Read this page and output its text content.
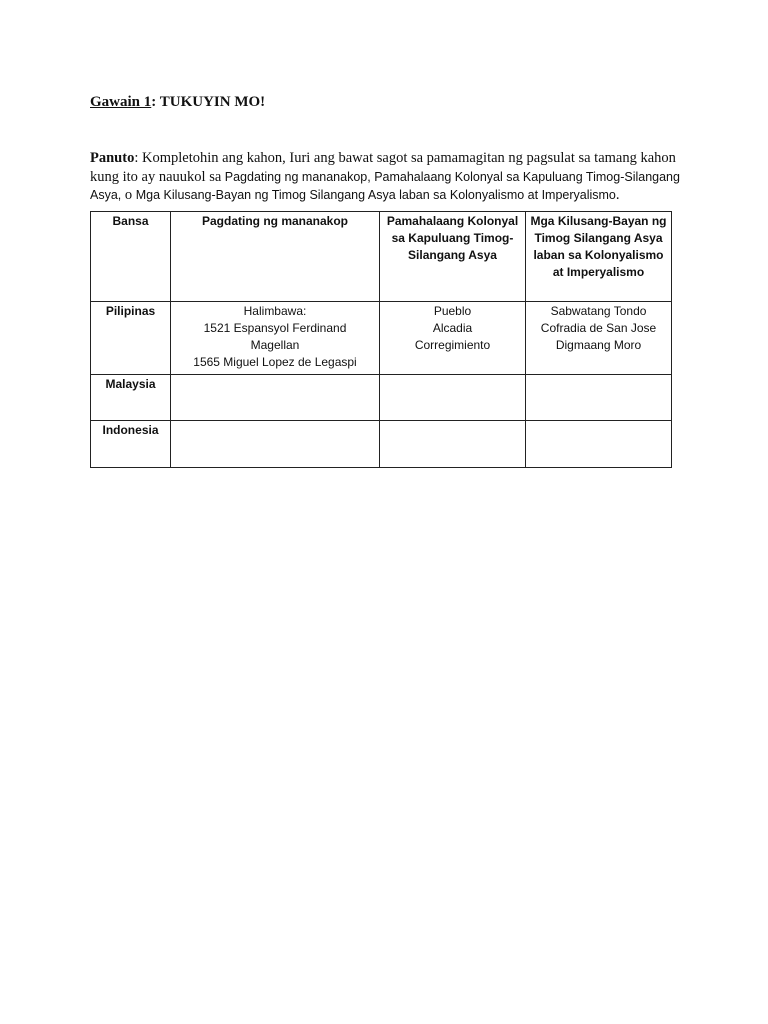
Gawain 1: TUKUYIN MO!
Panuto: Kompletohin ang kahon, Iuri ang bawat sagot sa pamamagitan ng pagsulat sa tamang kahon
kung ito ay nauukol sa Pagdating ng mananakop, Pamahalaang Kolonyal sa Kapuluang Timog-Silangang
Asya, o Mga Kilusang-Bayan ng Timog Silangang Asya laban sa Kolonyalismo at Imperyalismo.
Bansa	Pagdating ng mananakop	Pamahalaang Kolonyal sa Kapuluang Timog-Silangang Asya	Mga Kilusang-Bayan ng Timog Silangang Asya laban sa Kolonyalismo at Imperyalismo
Pilipinas	Halimbawa:
1521 Espansyol Ferdinand
Magellan
1565 Miguel Lopez de Legaspi	Pueblo
Alcadia
Corregimiento	Sabwatang Tondo
Cofradia de San Jose
Digmaang Moro

Malaysia			
Indonesia			
